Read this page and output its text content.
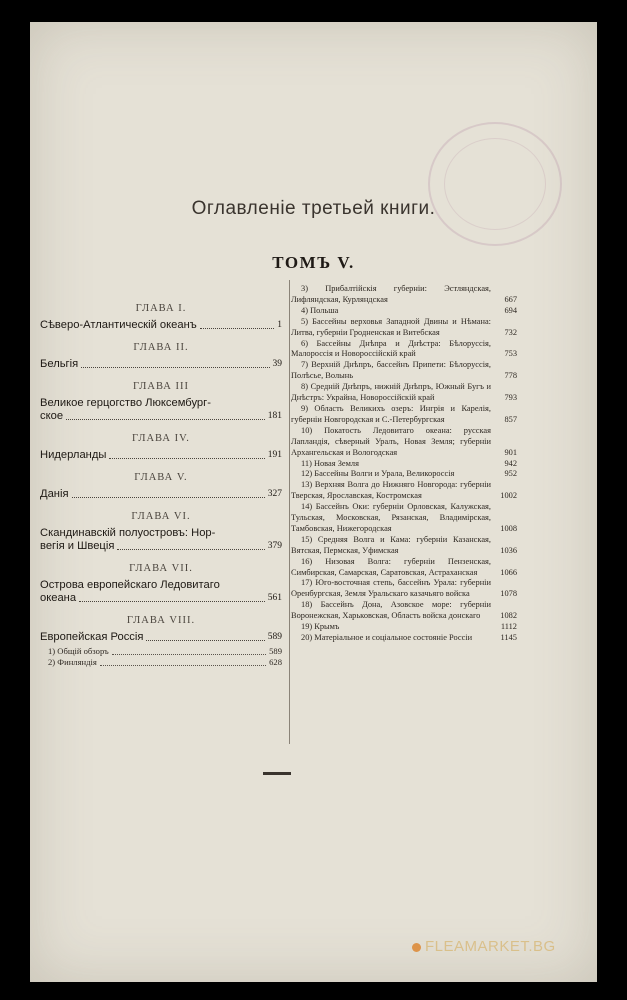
Оглавленіе третьей книги.
ТОМЪ V.
ГЛАВА I.
Сѣверо-Атлантическій океанъ	1
ГЛАВА II.
Бельгія	39
ГЛАВА III
Великое герцогство Люксембург-
ское	181
ГЛАВА IV.
Нидерланды	191
ГЛАВА V.
Данія	327
ГЛАВА VI.
Скандинавскій полуостровъ: Нор-
вегія и Швеція	379
ГЛАВА VII.
Острова европейскаго Ледовитаго
океана	561
ГЛАВА VIII.
Европейская Россія	589
1) Общій обзоръ	589
2) Финляндія	628
3) Прибалтійскія губерніи: Эстляндская, Лифляндская, Курляндская	667
4) Польша	694
5) Бассейны верховья Западной Двины и Нѣмана: Литва, губерніи Гродненская и Витебская	732
6) Бассейны Днѣпра и Днѣстра: Бѣлоруссія, Малороссія и Новороссійскій край	753
7) Верхній Днѣпръ, бассейнъ Припети: Бѣлоруссія, Полѣсье, Волынь	778
8) Средній Днѣпръ, нижній Днѣпръ, Южный Бугъ и Днѣстръ: Украйна, Новороссійскій край	793
9) Область Великихъ озеръ: Ингрія и Карелія, губерніи Новгородская и С.-Петербургская	857
10) Покатость Ледовитаго океана: русская Лапландія, сѣверный Уралъ, Новая Земля; губерніи Архангельская и Вологодская	901
11) Новая Земля	942
12) Бассейны Волги и Урала, Великороссія	952
13) Верхняя Волга до Нижняго Новгорода: губерніи Тверская, Ярославская, Костромская	1002
14) Бассейнъ Оки: губерніи Орловская, Калужская, Тульская, Московская, Рязанская, Владимірская, Тамбовская, Нижегородская	1008
15) Средняя Волга и Кама: губерніи Казанская, Вятская, Пермская, Уфимская	1036
16) Низовая Волга: губерніи Пензенская, Симбирская, Самарская, Саратовская, Астраханская	1066
17) Юго-восточная степь, бассейнъ Урала: губерніи Оренбургская, Земля Уральскаго казачьяго войска	1078
18) Бассейнъ Дона, Азовское море: губерніи Воронежская, Харьковская, Область войска донскаго 1082
19) Крымъ	1112
20) Матеріальное и соціальное состояніе Россіи	1145
FLEAMARKET.BG
